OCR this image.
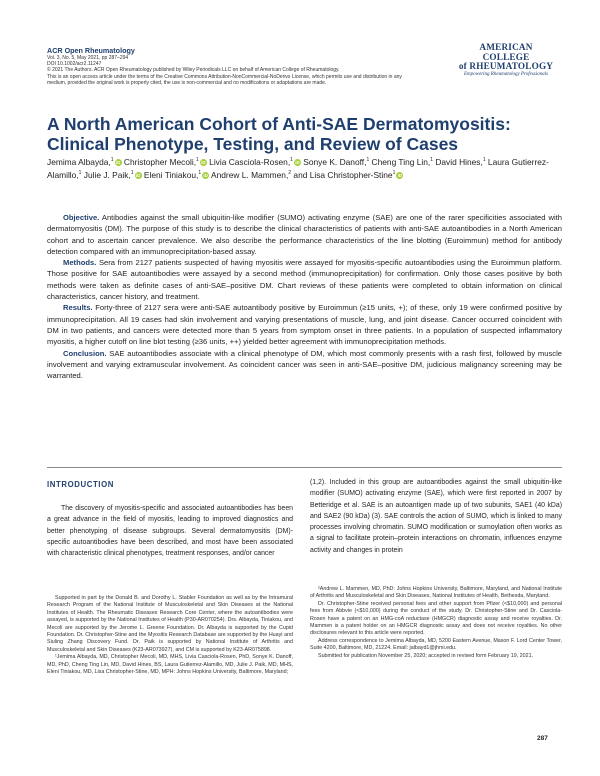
ACR Open Rheumatology
Vol. 3, No. 5, May 2021, pp 287–294
DOI 10.1002/acr2.11247
© 2021 The Authors. ACR Open Rheumatology published by Wiley Periodicals LLC on behalf of American College of Rheumatology.
This is an open access article under the terms of the Creative Commons Attribution-NonCommercial-NoDerivs License, which permits use and distribution in any medium, provided the original work is properly cited, the use is non-commercial and no modifications or adaptations are made.
AMERICAN COLLEGE
of RHEUMATOLOGY
Empowering Rheumatology Professionals
A North American Cohort of Anti-SAE Dermatomyositis: Clinical Phenotype, Testing, and Review of Cases
Jemima Albayda,$^1$ iD Christopher Mecoli,$^1$ iD Livia Casciola-Rosen,$^1$ iD Sonye K. Danoff,$^1$ Cheng Ting Lin,$^1$ David Hines,$^1$ Laura Gutierrez-Alamillo,$^1$ Julie J. Paik,$^1$ iD Eleni Tiniakou,$^1$ iD Andrew L. Mammen,$^2$ and Lisa Christopher-Stine$^1$ iD

Objective. Antibodies against the small ubiquitin-like modifier (SUMO) activating enzyme (SAE) are one of the rarer specificities associated with dermatomyositis (DM). The purpose of this study is to describe the clinical characteristics of patients with anti-SAE autoantibodies in a North American cohort and to ascertain cancer prevalence. We also describe the performance characteristics of the line blotting (Euroimmun) method for antibody detection compared with an immunoprecipitation-based assay.

Methods. Sera from 2127 patients suspected of having myositis were assayed for myositis-specific autoantibodies using the Euroimmun platform. Those positive for SAE autoantibodies were assayed by a second method (immunoprecipitation) for confirmation. Only those cases positive by both methods were taken as definite cases of anti-SAE–positive DM. Chart reviews of these patients were completed to obtain information on clinical characteristics, cancer history, and treatment.

Results. Forty-three of 2127 sera were anti-SAE autoantibody positive by Euroimmun (≥15 units, +); of these, only 19 were confirmed positive by immunoprecipitation. All 19 cases had skin involvement and varying presentations of muscle, lung, and joint disease. Cancer occurred coincident with DM in two patients, and cancers were detected more than 5 years from symptom onset in three patients. In a population of suspected inflammatory myositis, a higher cutoff on line blot testing (≥36 units, ++) yielded better agreement with immunoprecipitation methods.

Conclusion. SAE autoantibodies associate with a clinical phenotype of DM, which most commonly presents with a rash first, followed by muscle involvement and varying extramuscular involvement. As coincident cancer was seen in anti-SAE–positive DM, judicious malignancy screening may be warranted.

INTRODUCTION

The discovery of myositis-specific and associated autoantibodies has been a great advance in the field of myositis, leading to improved diagnostics and better phenotyping of disease subgroups. Several dermatomyositis (DM)-specific autoantibodies have been described, and most have been associated with characteristic clinical phenotypes, treatment responses, and/or cancer

(1,2). Included in this group are autoantibodies against the small ubiquitin-like modifier (SUMO) activating enzyme (SAE), which were first reported in 2007 by Betteridge et al. SAE is an autoantigen made up of two subunits, SAE1 (40 kDa) and SAE2 (90 kDa) (3). SAE controls the action of SUMO, which is linked to many processes involving chromatin. SUMO modification or sumoylation often works as a signal to facilitate protein–protein interactions on chromatin, influences enzyme activity and changes in protein

Supported in part by the Donald B. and Dorothy L. Stabler Foundation as well as by the Intramural Research Program of the National Institute of Musculoskeletal and Skin Diseases at the National Institutes of Health. The Rheumatic Diseases Research Core Center, where the autoantibodies were assayed, is supported by the National Institutes of Health (P30-AR070254). Drs. Albayda, Tiniakou, and Mecoli are supported by the Jerome L. Greene Foundation. Dr. Albayda is supported by the Cupid Foundation. Dr. Christopher-Stine and the Myositis Research Database are supported by the Huayi and Siuling Zhang Discovery Fund. Dr. Paik is supported by National Institute of Arthritis and Musculoskeletal and Skin Diseases (K23-AR073927), and CM is supported by K23-AR075898.

¹Jemima Albayda, MD, Christopher Mecoli, MD, MHS, Livia Casciola-Rosen, PhD, Sonye K. Danoff, MD, PhD, Cheng Ting Lin, MD, David Hines, BS, Laura Gutierrez-Alamillo, MD, Julie J. Paik, MD, MHS, Eleni Tiniakou, MD, Lisa Christopher-Stine, MD, MPH: Johns Hopkins University, Baltimore, Maryland;

²Andrew L. Mammen, MD, PhD: Johns Hopkins University, Baltimore, Maryland, and National Institute of Arthritis and Musculoskeletal and Skin Diseases, National Institutes of Health, Bethesda, Maryland.

Dr. Christopher-Stine received personal fees and other support from Pfizer (<$10,000) and personal fees from Abbvie (<$10,000) during the conduct of the study. Dr. Christopher-Stine and Dr. Casciola-Rosen have a patent on an HMG-coA reductase (HMGCR) diagnostic assay and receive royalties. Dr. Mammen is a patent holder on an HMGCR diagnostic assay and does not receive royalties. No other disclosures relevant to this article were reported.

Address correspondence to Jemima Albayda, MD, 5200 Eastern Avenue, Mason F. Lord Center Tower, Suite 4200, Baltimore, MD, 21224. Email: jalbayd1@jhmi.edu.

Submitted for publication November 25, 2020; accepted in revised form February 19, 2021.

287
